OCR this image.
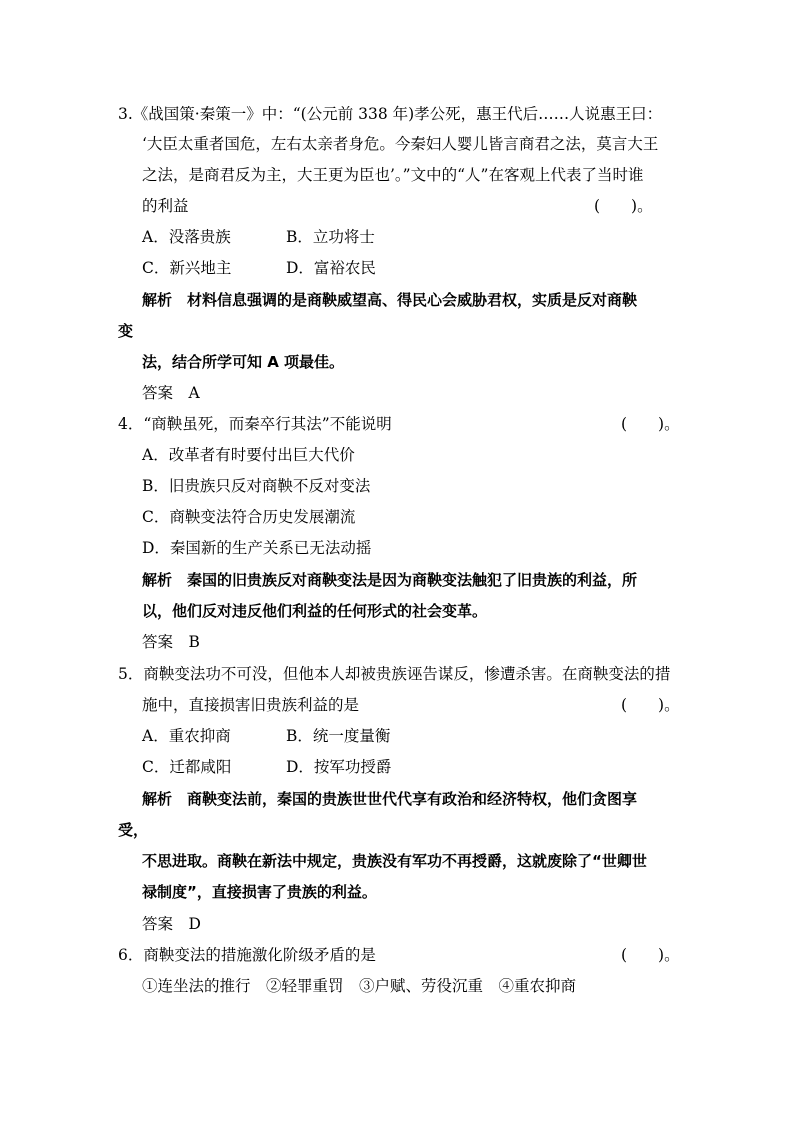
3.《战国策·秦策一》中：“(公元前 338 年)孝公死，惠王代后……人说惠王曰：
‘大臣太重者国危，左右太亲者身危。今秦妇人婴儿皆言商君之法，莫言大王
之法，是商君反为主，大王更为臣也’。”文中的“人”在客观上代表了当时谁
的利益	(　　)。
A．没落贵族	B．立功将士
C．新兴地主	D．富裕农民
解析　材料信息强调的是商鞅威望高、得民心会威胁君权，实质是反对商鞅
变
法，结合所学可知 A 项最佳。
答案　A
4．“商鞅虽死，而秦卒行其法”不能说明	(　　)。
A．改革者有时要付出巨大代价
B．旧贵族只反对商鞅不反对变法
C．商鞅变法符合历史发展潮流
D．秦国新的生产关系已无法动摇
解析　秦国的旧贵族反对商鞅变法是因为商鞅变法触犯了旧贵族的利益，所
以，他们反对违反他们利益的任何形式的社会变革。
答案　B
5．商鞅变法功不可没，但他本人却被贵族诬告谋反，惨遭杀害。在商鞅变法的措
施中，直接损害旧贵族利益的是	(　　)。
A．重农抑商	B．统一度量衡
C．迁都咸阳	D．按军功授爵
解析　商鞅变法前，秦国的贵族世世代代享有政治和经济特权，他们贪图享
受，
不思进取。商鞅在新法中规定，贵族没有军功不再授爵，这就废除了“世卿世
禄制度”，直接损害了贵族的利益。
答案　D
6．商鞅变法的措施激化阶级矛盾的是	(　　)。
①连坐法的推行　②轻罪重罚　③户赋、劳役沉重　④重农抑商
